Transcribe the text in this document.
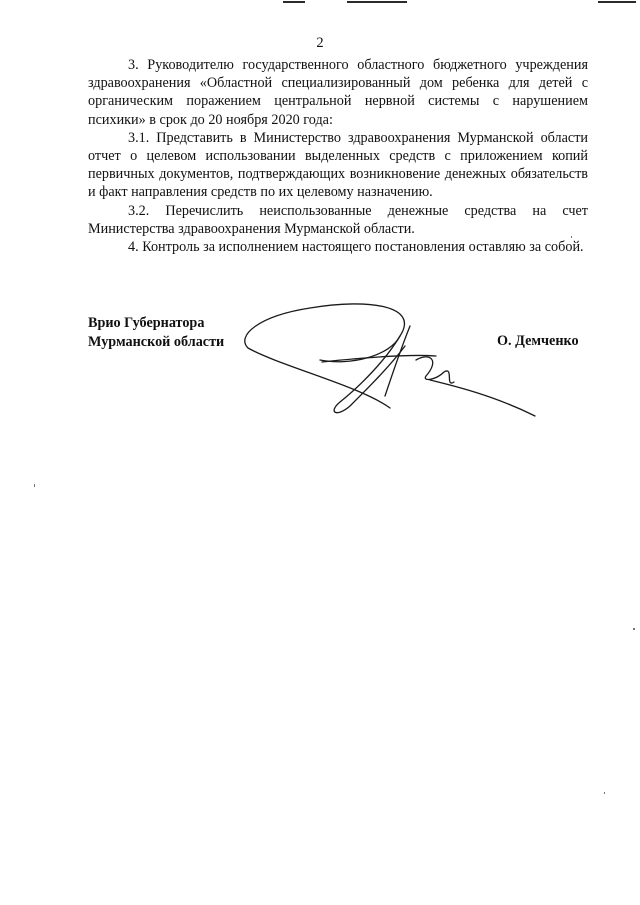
2

3. Руководителю государственного областного бюджетного учреждения здравоохранения «Областной специализированный дом ребенка для детей с органическим поражением центральной нервной системы с нарушением психики» в срок до 20 ноября 2020 года:

3.1. Представить в Министерство здравоохранения Мурманской области отчет о целевом использовании выделенных средств с приложением копий первичных документов, подтверждающих возникновение денежных обязательств и факт направления средств по их целевому назначению.

3.2. Перечислить неиспользованные денежные средства на счет Министерства здравоохранения Мурманской области.

4. Контроль за исполнением настоящего постановления оставляю за собой.

Врио Губернатора
Мурманской области	О. Демченко
